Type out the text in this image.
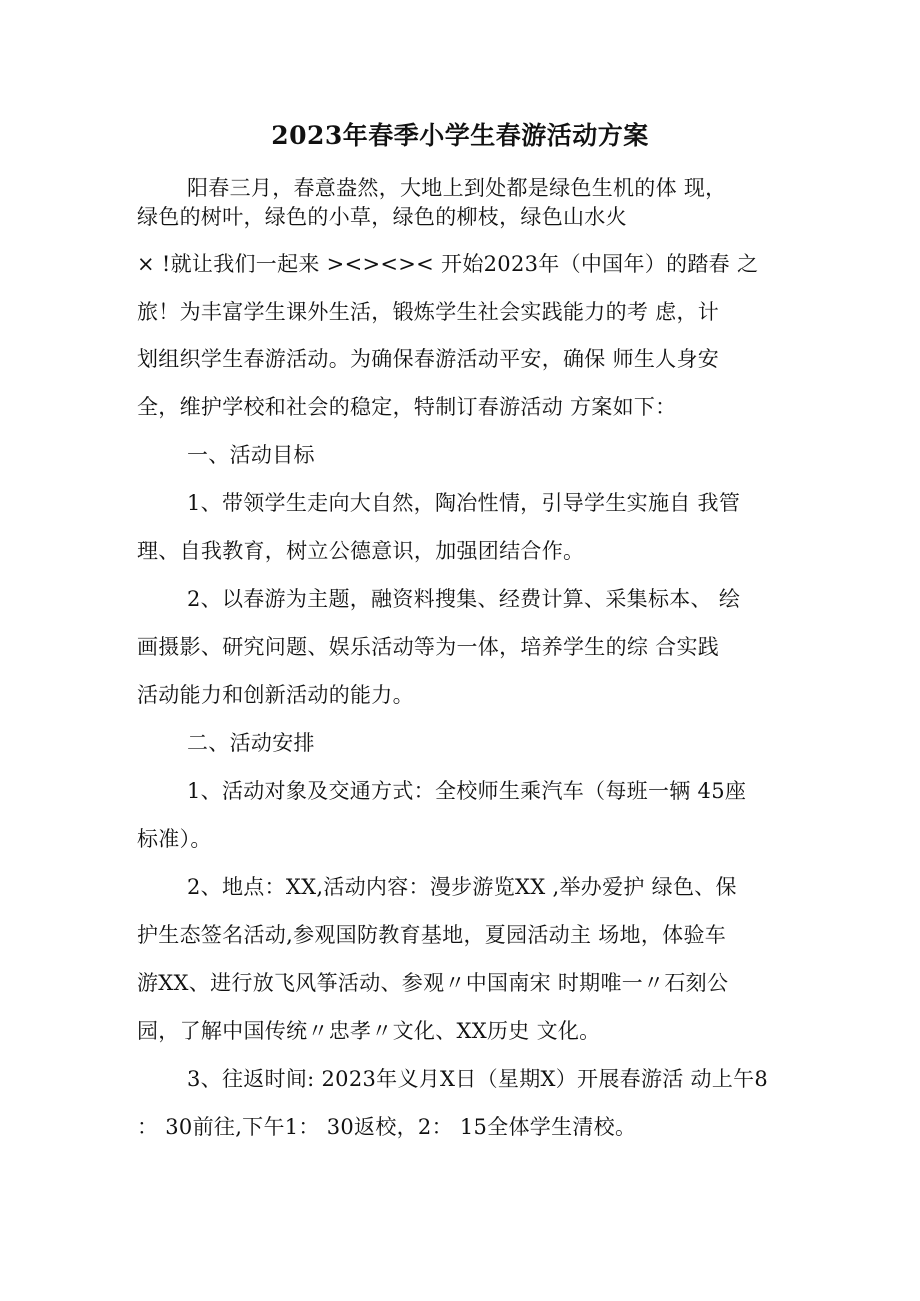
2023年春季小学生春游活动方案
阳春三月，春意盎然，大地上到处都是绿色生机的体 现，
绿色的树叶，绿色的小草，绿色的柳枝，绿色山水火
× !就让我们一起来 ><><>< 开始2023年（中国年）的踏春 之
旅！为丰富学生课外生活，锻炼学生社会实践能力的考 虑，计
划组织学生春游活动。为确保春游活动平安，确保 师生人身安
全，维护学校和社会的稳定，特制订春游活动 方案如下：
一、活动目标
1、带领学生走向大自然，陶冶性情，引导学生实施自 我管
理、自我教育，树立公德意识，加强团结合作。
2、以春游为主题，融资料搜集、经费计算、采集标本、 绘
画摄影、研究问题、娱乐活动等为一体，培养学生的综 合实践
活动能力和创新活动的能力。
二、活动安排
1、活动对象及交通方式：全校师生乘汽车（每班一辆 45座
标准）。
2、地点：XX,活动内容：漫步游览XX ,举办爱护 绿色、保
护生态签名活动,参观国防教育基地，夏园活动主 场地，体验车
游XX、进行放飞风筝活动、参观〃中国南宋 时期唯一〃石刻公
园，了解中国传统〃忠孝〃文化、XX历史 文化。
3、往返时间: 2023年义月X日（星期X）开展春游活 动上午8
： 30前往,下午1： 30返校，2： 15全体学生清校。
